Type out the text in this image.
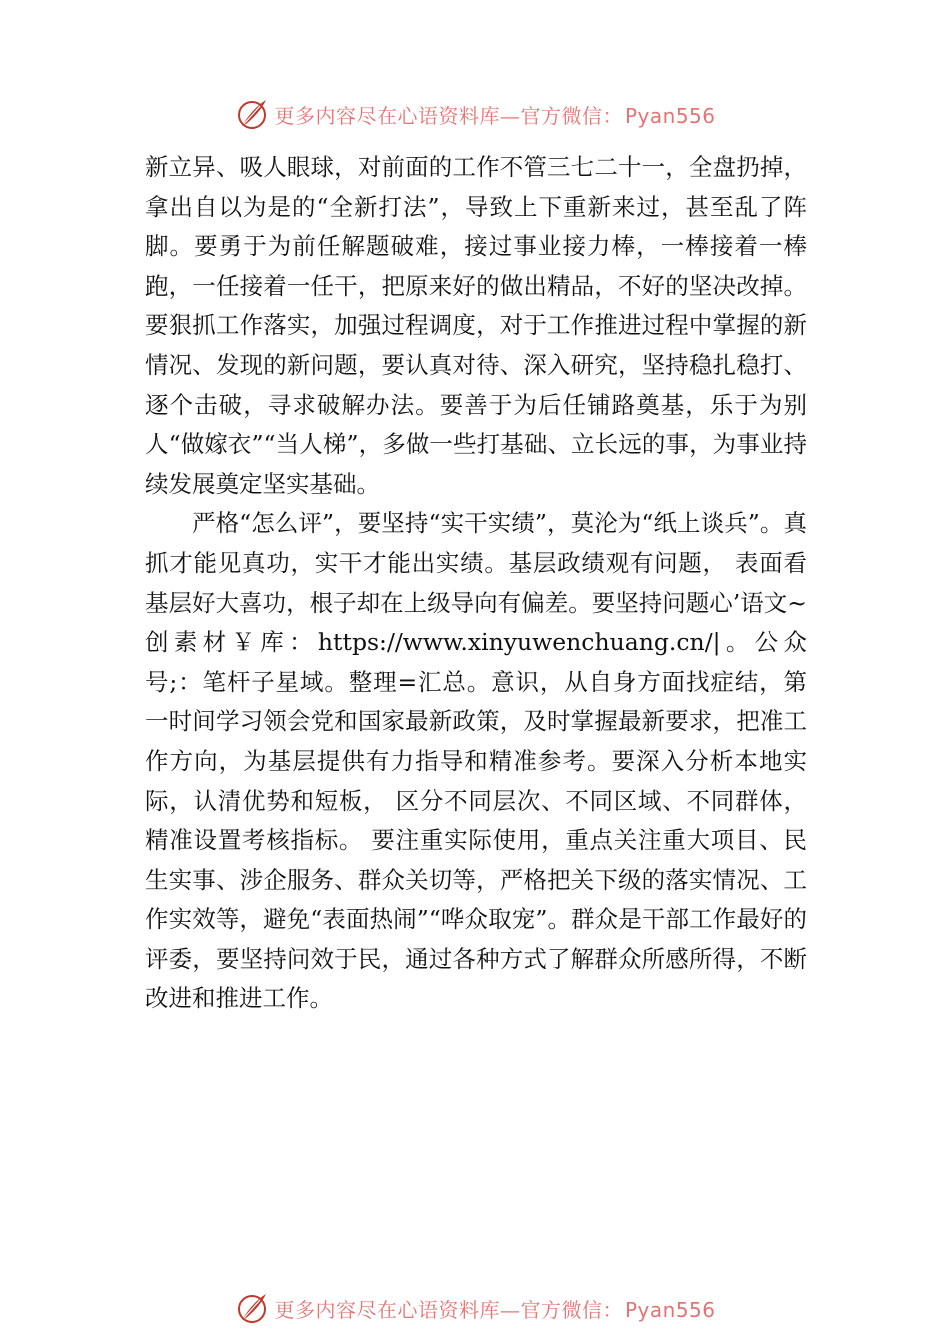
更多内容尽在心语资料库—官方微信： Pyan556

新立异、吸人眼球，对前面的工作不管三七二十一，全盘扔掉，拿出自以为是的“全新打法”，导致上下重新来过，甚至乱了阵脚。要勇于为前任解题破难，接过事业接力棒，一棒接着一棒跑，一任接着一任干，把原来好的做出精品，不好的坚决改掉。要狠抓工作落实，加强过程调度，对于工作推进过程中掌握的新情况、发现的新问题，要认真对待、深入研究，坚持稳扎稳打、逐个击破，寻求破解办法。要善于为后任铺路奠基，乐于为别人“做嫁衣”“当人梯”，多做一些打基础、立长远的事，为事业持续发展奠定坚实基础。

严格“怎么评”，要坚持“实干实绩”，莫沦为“纸上谈兵”。真抓才能见真功，实干才能出实绩。基层政绩观有问题， 表面看基层好大喜功，根子却在上级导向有偏差。要坚持问题心’语文~创素材￥库：https://www.xinyuwenchuang.cn/|。公众号;：笔杆子星域。整理=汇总。意识，从自身方面找症结，第一时间学习领会党和国家最新政策，及时掌握最新要求，把准工作方向，为基层提供有力指导和精准参考。要深入分析本地实际，认清优势和短板， 区分不同层次、不同区域、不同群体，精准设置考核指标。 要注重实际使用，重点关注重大项目、民生实事、涉企服务、群众关切等，严格把关下级的落实情况、工作实效等，避免“表面热闹”“哗众取宠”。群众是干部工作最好的评委，要坚持问效于民，通过各种方式了解群众所感所得，不断改进和推进工作。

更多内容尽在心语资料库—官方微信： Pyan556
